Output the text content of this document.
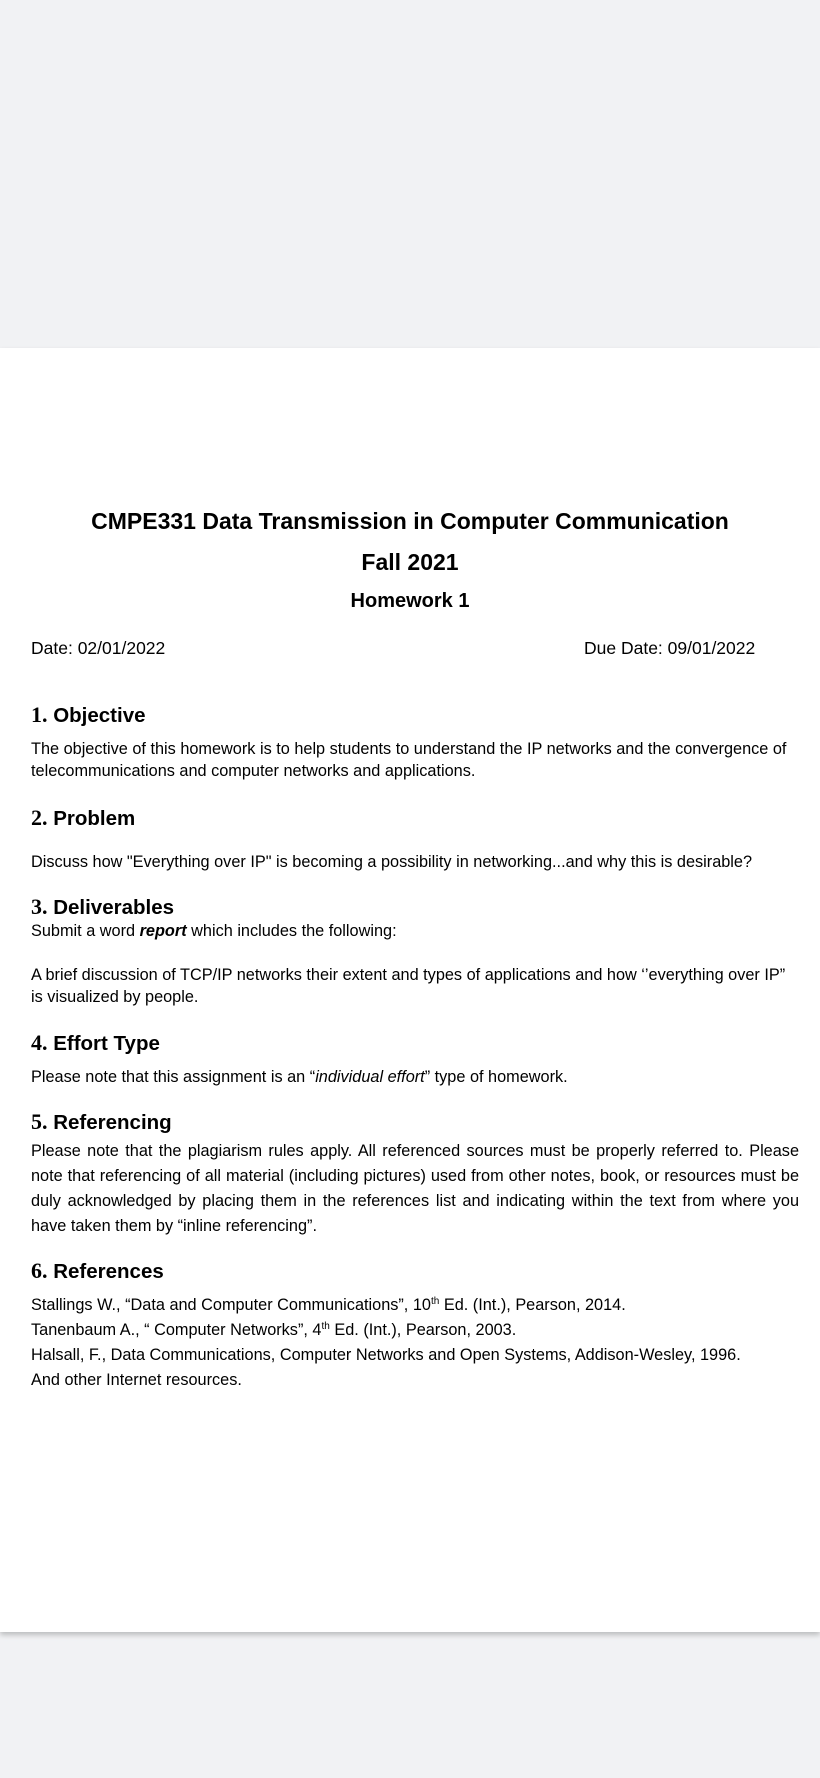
CMPE331 Data Transmission in Computer Communication
Fall 2021
Homework 1
Date: 02/01/2022	Due Date: 09/01/2022
1. Objective

The objective of this homework is to help students to understand the IP networks and the convergence of telecommunications and computer networks and applications.

2. Problem

Discuss how "Everything over IP" is becoming a possibility in networking...and why this is desirable?

3. Deliverables

Submit a word report which includes the following:

A brief discussion of TCP/IP networks their extent and types of applications and how ‘’everything over IP” is visualized by people.

4. Effort Type

Please note that this assignment is an “individual effort” type of homework.

5. Referencing

Please note that the plagiarism rules apply. All referenced sources must be properly referred to. Please note that referencing of all material (including pictures) used from other notes, book, or resources must be duly acknowledged by placing them in the references list and indicating within the text from where you have taken them by “inline referencing”.

6. References

Stallings W., “Data and Computer Communications”, 10th Ed. (Int.), Pearson, 2014.

Tanenbaum A., “ Computer Networks”, 4th Ed. (Int.), Pearson, 2003.

Halsall, F., Data Communications, Computer Networks and Open Systems, Addison-Wesley, 1996.

And other Internet resources.
